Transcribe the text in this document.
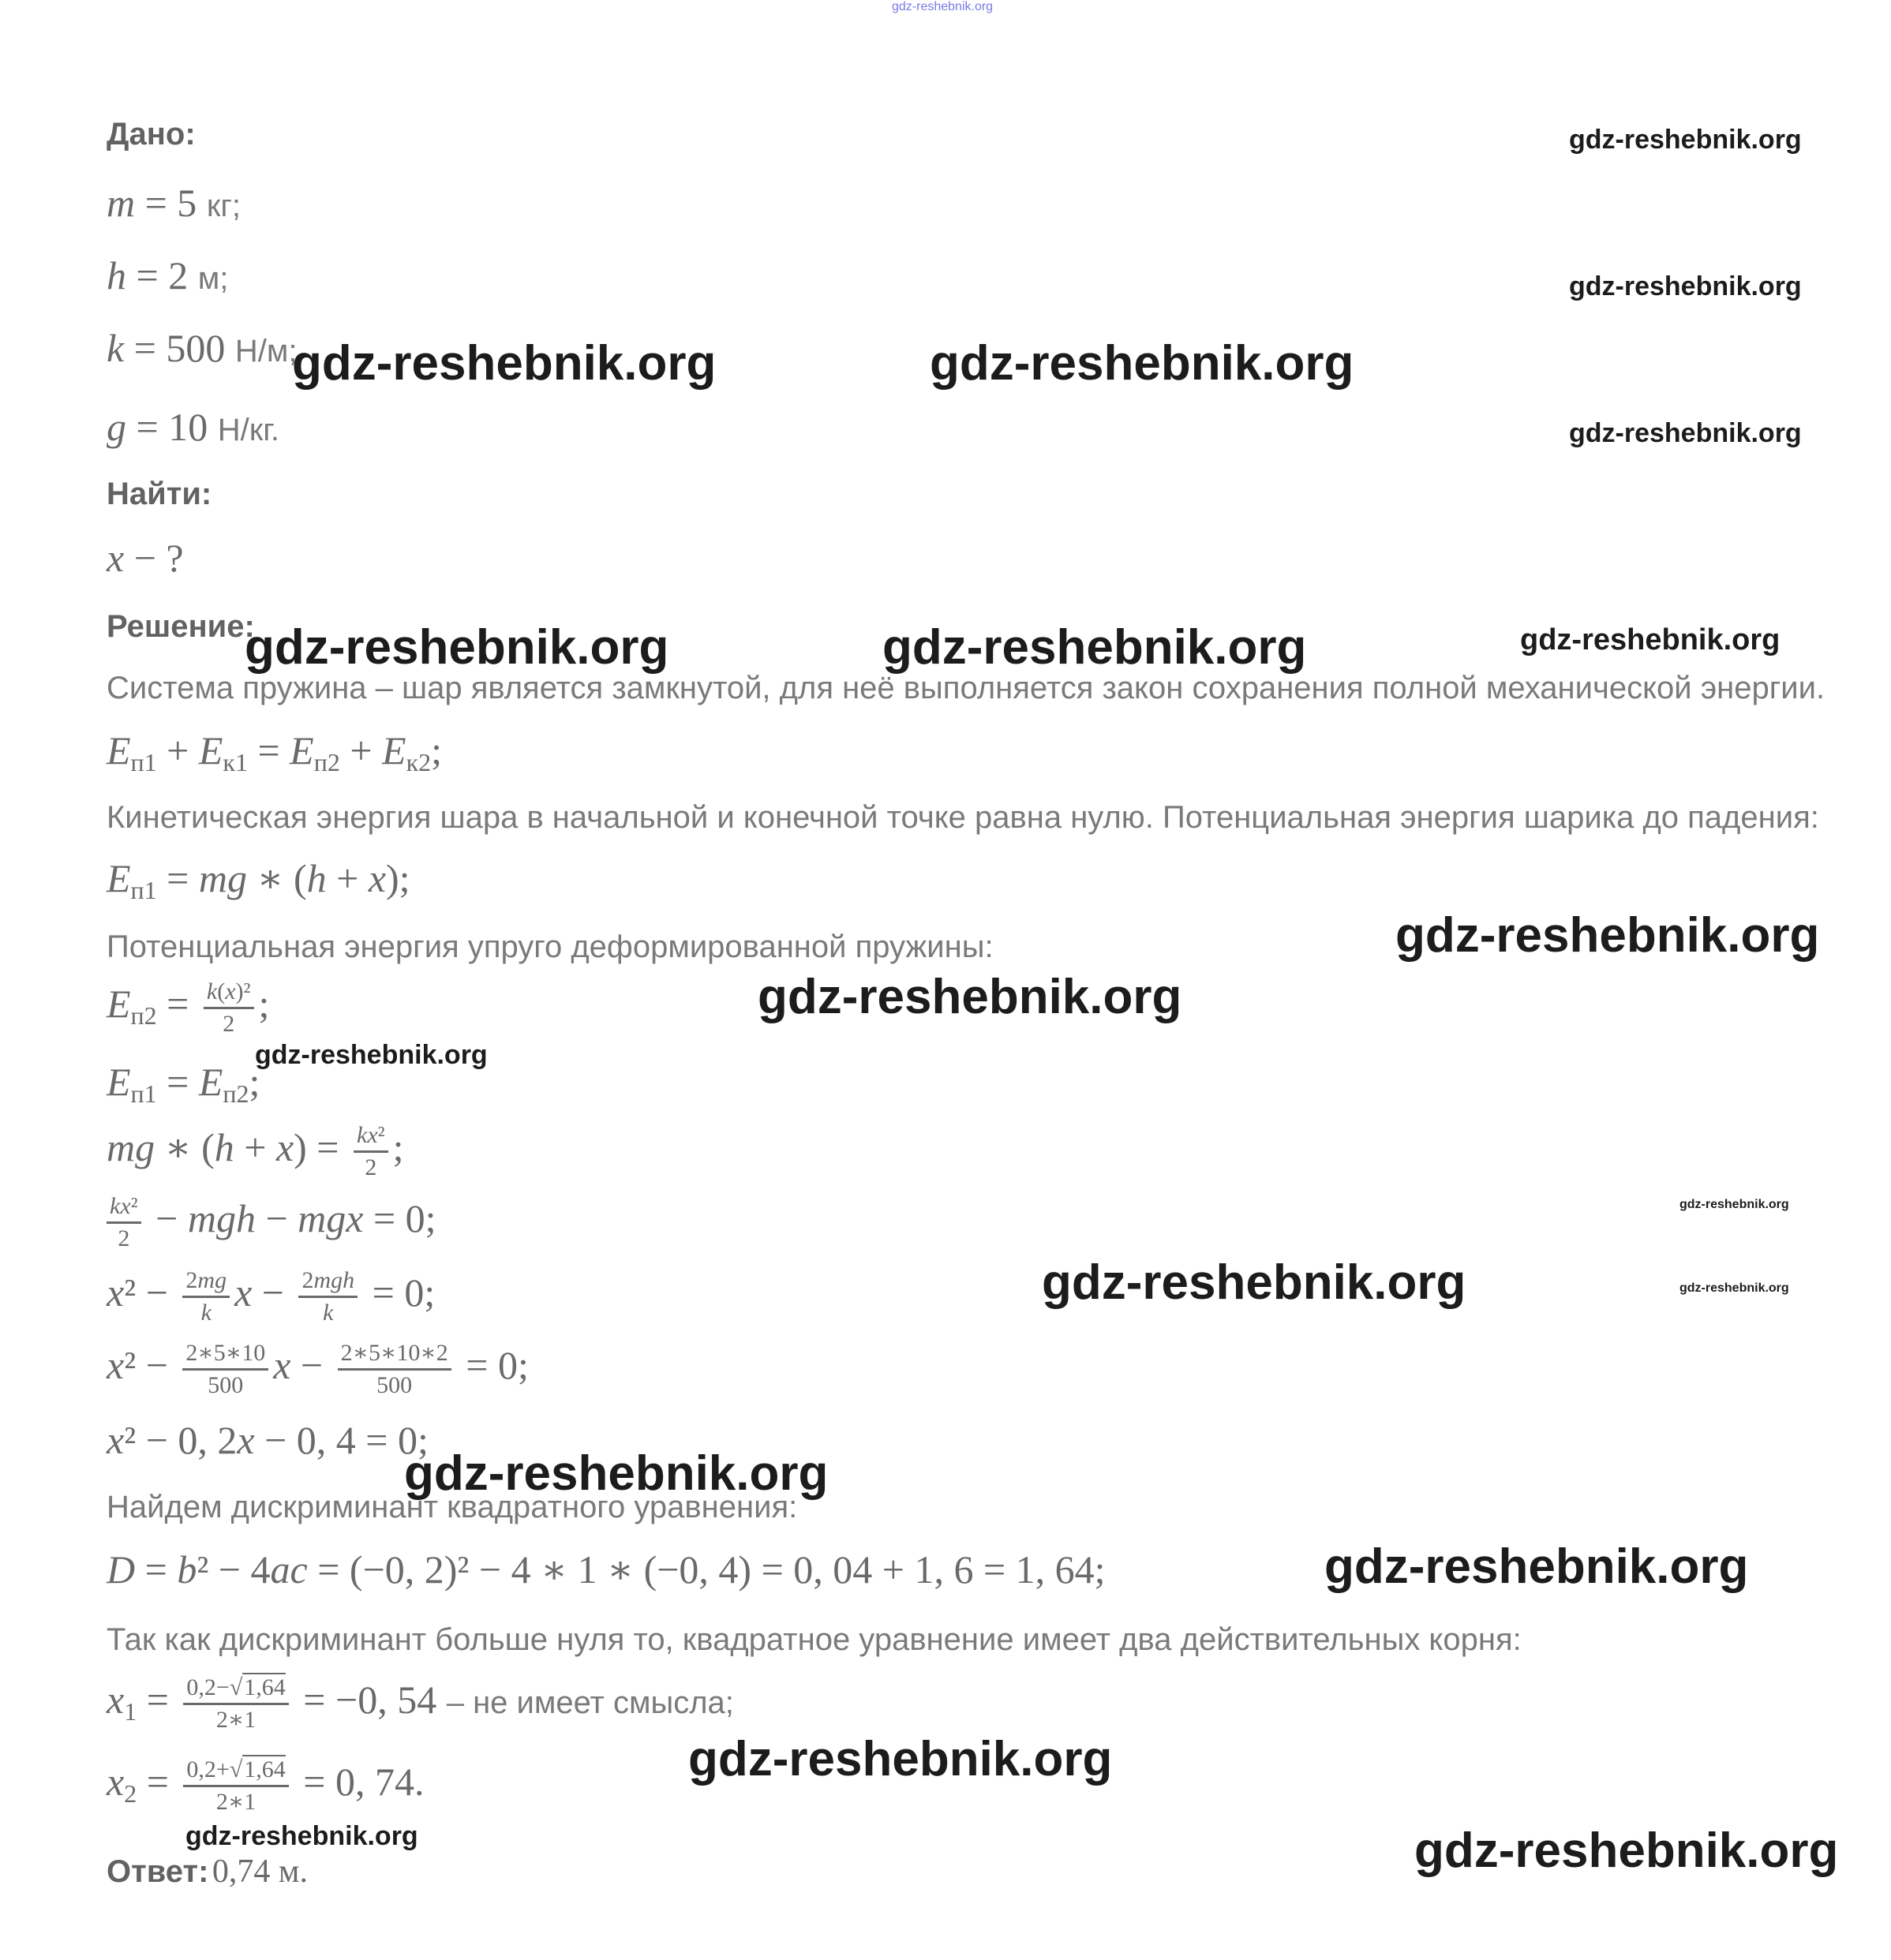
gdz-reshebnik.org
Дано:
m = 5 кг;
h = 2 м;
k = 500 Н/м;
g = 10 Н/кг.
Найти:
x − ?
Решение:
Система пружина – шар является замкнутой, для неё выполняется закон сохранения полной механической энергии.
$E_{п1} + E_{к1} = E_{п2} + E_{к2}$;
Кинетическая энергия шара в начальной и конечной точке равна нулю. Потенциальная энергия шарика до падения:
$E_{п1}$ = mg ∗ (h + x);
Потенциальная энергия упруго деформированной пружины:
$E_{п2} = \frac{\text{k(x)²}}{2}$ ;
$E_{п1} = E_{п2}$;
mg ∗ $(h + x) = \frac{\text{kx²}}{2}$ ;
$\frac{\text{kx²}}{2}$ − mgh − mgx = 0;
$x^2 - \frac{2mg}{k}$ $x - \frac{\text{2mgh}}{k} = 0$;
$x^2 - \frac{2∗5∗10}{500}$ $x - \frac{2∗5∗10∗2}{500} = 0$;
x² − 0, 2x − 0, 4 = 0;
Найдем дискриминант квадратного уравнения:
D = b² − 4ac = (−0, 2)² − 4 ∗ 1 ∗ (−0, 4) = 0, 04 + 1, 6 = 1, 64;
Так как дискриминант больше нуля то, квадратное уравнение имеет два действительных корня:
$x_1 = \frac{0,2-√1,64}{2∗1} = -0$, 54 – не имеет смысла;
$x_2 = \frac{0,2+√1,64}{2∗1} = 0$, 74.
Ответ: 0,74 м.
gdz-reshebnik.org
gdz-reshebnik.org
gdz-reshebnik.org
gdz-reshebnik.org	gdz-reshebnik.org
gdz-reshebnik.org	gdz-reshebnik.org	gdz-reshebnik.org
gdz-reshebnik.org
gdz-reshebnik.org
gdz-reshebnik.org
gdz-reshebnik.org
gdz-reshebnik.org	gdz-reshebnik.org
gdz-reshebnik.org
gdz-reshebnik.org
gdz-reshebnik.org
gdz-reshebnik.org	gdz-reshebnik.org
